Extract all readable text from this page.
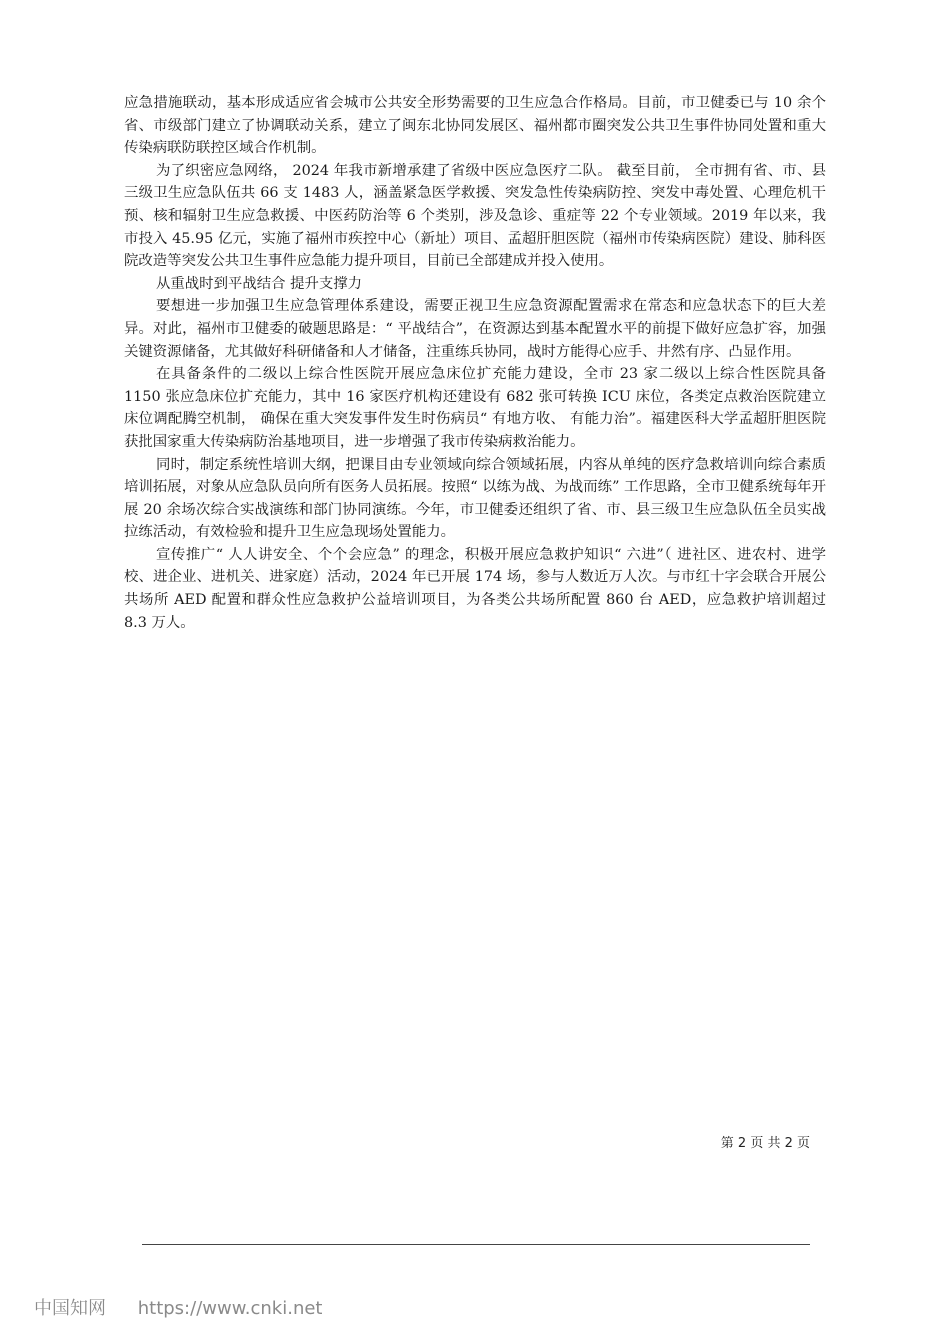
应急措施联动，基本形成适应省会城市公共安全形势需要的卫生应急合作格局。目前，市卫健委已与 10 余个省、市级部门建立了协调联动关系，建立了闽东北协同发展区、福州都市圈突发公共卫生事件协同处置和重大传染病联防联控区域合作机制。

为了织密应急网络， 2024 年我市新增承建了省级中医应急医疗二队。 截至目前， 全市拥有省、市、县三级卫生应急队伍共 66 支 1483 人，涵盖紧急医学救援、突发急性传染病防控、突发中毒处置、心理危机干预、核和辐射卫生应急救援、中医药防治等 6 个类别，涉及急诊、重症等 22 个专业领域。2019 年以来，我市投入 45.95 亿元，实施了福州市疾控中心（新址）项目、孟超肝胆医院（福州市传染病医院）建设、肺科医院改造等突发公共卫生事件应急能力提升项目，目前已全部建成并投入使用。

从重战时到平战结合 提升支撑力

要想进一步加强卫生应急管理体系建设，需要正视卫生应急资源配置需求在常态和应急状态下的巨大差异。对此，福州市卫健委的破题思路是：“ 平战结合”，在资源达到基本配置水平的前提下做好应急扩容，加强关键资源储备，尤其做好科研储备和人才储备，注重练兵协同，战时方能得心应手、井然有序、凸显作用。

在具备条件的二级以上综合性医院开展应急床位扩充能力建设，全市 23 家二级以上综合性医院具备 1150 张应急床位扩充能力，其中 16 家医疗机构还建设有 682 张可转换 ICU 床位，各类定点救治医院建立床位调配腾空机制， 确保在重大突发事件发生时伤病员“ 有地方收、 有能力治”。福建医科大学孟超肝胆医院获批国家重大传染病防治基地项目，进一步增强了我市传染病救治能力。

同时，制定系统性培训大纲，把课目由专业领域向综合领域拓展，内容从单纯的医疗急救培训向综合素质培训拓展，对象从应急队员向所有医务人员拓展。按照“ 以练为战、为战而练” 工作思路，全市卫健系统每年开展 20 余场次综合实战演练和部门协同演练。今年，市卫健委还组织了省、市、县三级卫生应急队伍全员实战拉练活动，有效检验和提升卫生应急现场处置能力。

宣传推广“ 人人讲安全、个个会应急” 的理念，积极开展应急救护知识“ 六进”（ 进社区、进农村、进学校、进企业、进机关、进家庭）活动，2024 年已开展 174 场，参与人数近万人次。与市红十字会联合开展公共场所 AED 配置和群众性应急救护公益培训项目，为各类公共场所配置 860 台 AED，应急救护培训超过 8.3 万人。

第 2 页 共 2 页
中国知网 https://www.cnki.net
